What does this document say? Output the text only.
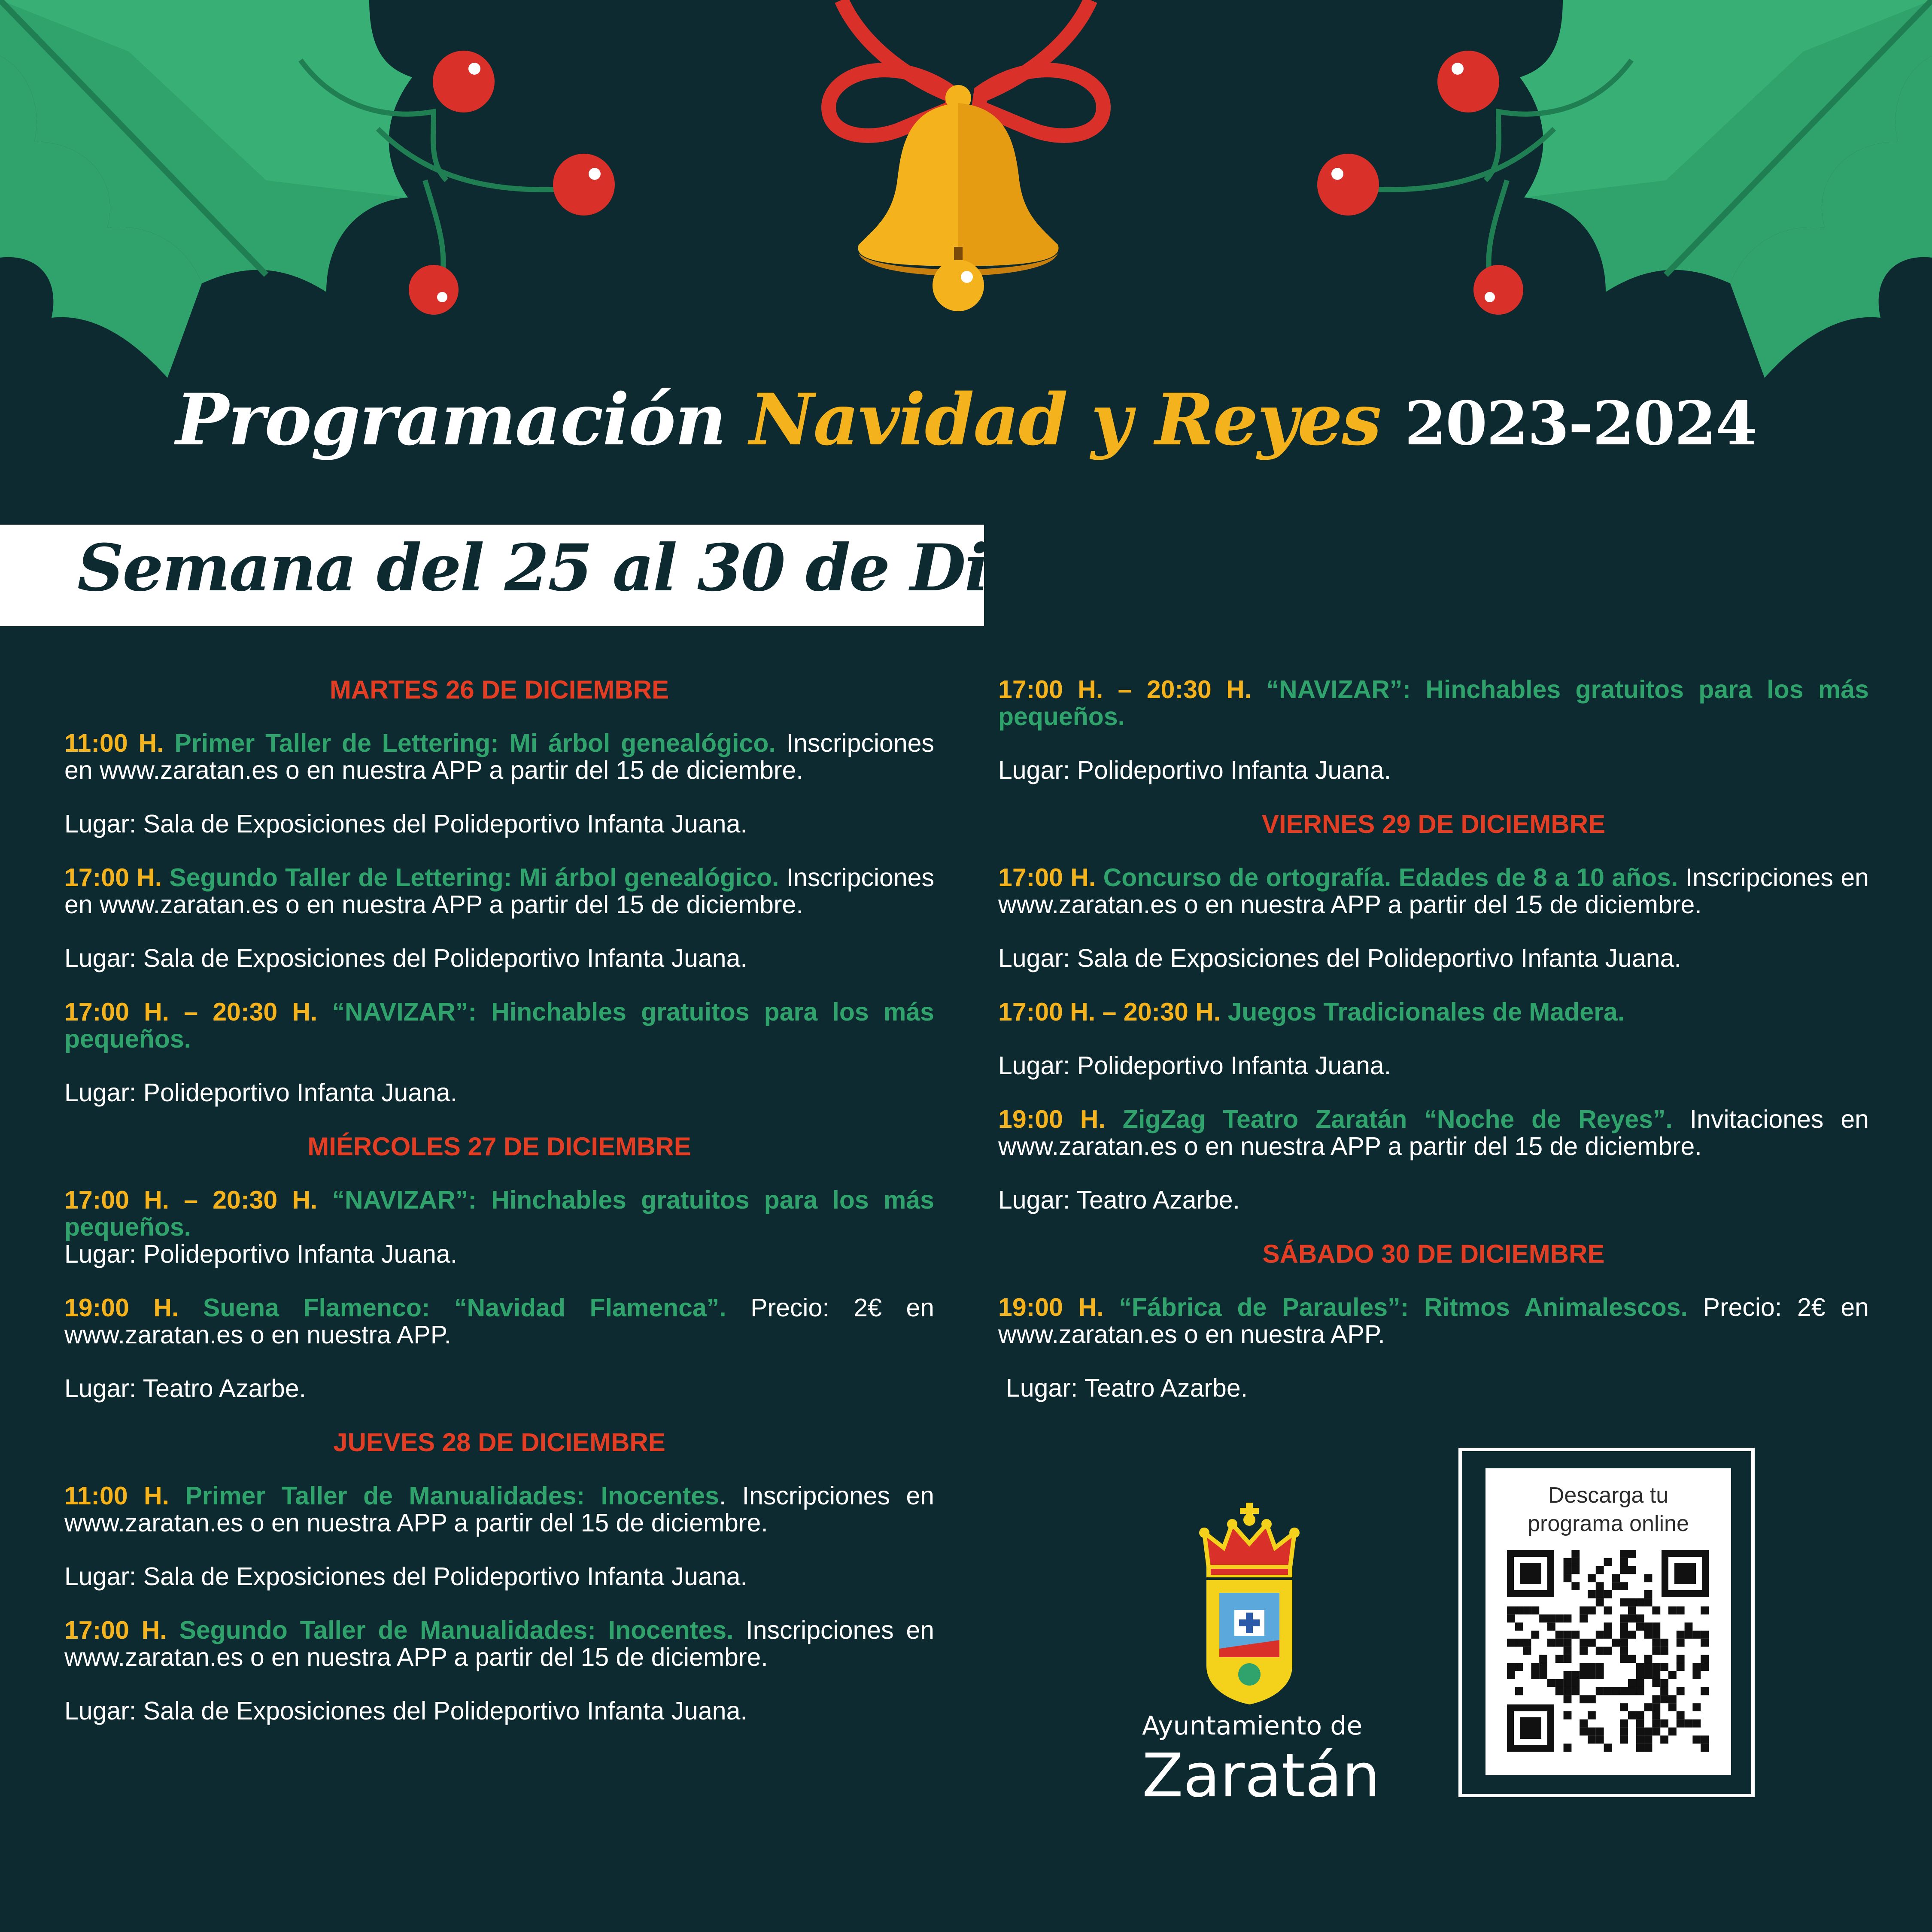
Programación Navidad y Reyes 2023-2024
Semana del 25 al 30 de Diciembre
MARTES 26 DE DICIEMBRE
11:00 H. Primer Taller de Lettering: Mi árbol genealógico. Inscripciones en www.zaratan.es o en nuestra APP a partir del 15 de diciembre.
Lugar: Sala de Exposiciones del Polideportivo Infanta Juana.
17:00 H. Segundo Taller de Lettering: Mi árbol genealógico. Inscripciones en www.zaratan.es o en nuestra APP a partir del 15 de diciembre.
Lugar: Sala de Exposiciones del Polideportivo Infanta Juana.
17:00 H. – 20:30 H. “NAVIZAR”: Hinchables gratuitos para los más pequeños.
Lugar: Polideportivo Infanta Juana.
MIÉRCOLES 27 DE DICIEMBRE
17:00 H. – 20:30 H. “NAVIZAR”: Hinchables gratuitos para los más pequeños.
Lugar: Polideportivo Infanta Juana.
19:00 H. Suena Flamenco: “Navidad Flamenca”. Precio: 2€ en www.zaratan.es o en nuestra APP.
Lugar: Teatro Azarbe.
JUEVES 28 DE DICIEMBRE
11:00 H. Primer Taller de Manualidades: Inocentes. Inscripciones en www.zaratan.es o en nuestra APP a partir del 15 de diciembre.
Lugar: Sala de Exposiciones del Polideportivo Infanta Juana.
17:00 H. Segundo Taller de Manualidades: Inocentes. Inscripciones en www.zaratan.es o en nuestra APP a partir del 15 de diciembre.
Lugar: Sala de Exposiciones del Polideportivo Infanta Juana.
17:00 H. – 20:30 H. “NAVIZAR”: Hinchables gratuitos para los más pequeños.
Lugar: Polideportivo Infanta Juana.
VIERNES 29 DE DICIEMBRE
17:00 H. Concurso de ortografía. Edades de 8 a 10 años. Inscripciones en www.zaratan.es o en nuestra APP a partir del 15 de diciembre.
Lugar: Sala de Exposiciones del Polideportivo Infanta Juana.
17:00 H. – 20:30 H. Juegos Tradicionales de Madera.
Lugar: Polideportivo Infanta Juana.
19:00 H. ZigZag Teatro Zaratán “Noche de Reyes”. Invitaciones en www.zaratan.es o en nuestra APP a partir del 15 de diciembre.
Lugar: Teatro Azarbe.
SÁBADO 30 DE DICIEMBRE
19:00 H. “Fábrica de Paraules”: Ritmos Animalescos. Precio: 2€ en www.zaratan.es o en nuestra APP.
Lugar: Teatro Azarbe.
Ayuntamiento de
Zaratán
Descarga tu
programa online
